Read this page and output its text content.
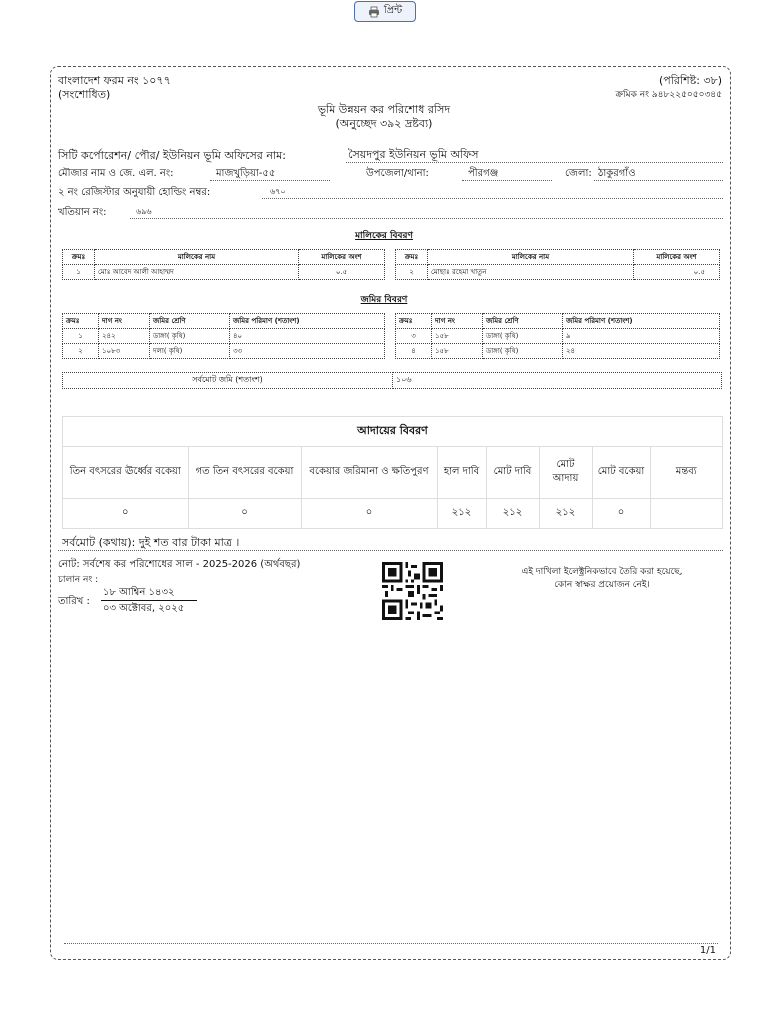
প্রিন্ট
বাংলাদেশ ফরম নং ১০৭৭
(সংশোধিত)
(পরিশিষ্ট: ৩৮)
ক্রমিক নং ৯৪৮২২৫০৫০৩৪৫
ভূমি উন্নয়ন কর পরিশোধ রসিদ
(অনুচ্ছেদ ৩৯২ দ্রষ্টব্য)
সিটি কর্পোরেশন/ পৌর/ ইউনিয়ন ভূমি অফিসের নাম:	সৈয়দপুর ইউনিয়ন ভূমি অফিস
মৌজার নাম ও জে. এল. নং:	মাজখুড়িয়া-৫৫	উপজেলা/থানা:	পীরগঞ্জ	জেলা: ঠাকুরগাঁও
২ নং রেজিস্টার অনুযায়ী হোল্ডিং নম্বর:	৬৭০
খতিয়ান নং:	৬৯৬
মালিকের বিবরণ
ক্রমঃ	মালিকের নাম	মালিকের অংশ
১	মোঃ আবেদ আলী আহাম্মদ	০.৫
ক্রমঃ	মালিকের নাম	মালিকের অংশ
২	মোছাঃ রহেমা খাতুন	০.৫
জমির বিবরণ
ক্রমঃ	দাগ নং	জমির শ্রেণি	জমির পরিমাণ (শতাংশ)
১	২৪২	ডাঙ্গা( কৃষি)	৪০
২	১০৮৩	দলা( কৃষি)	৩৩
ক্রমঃ	দাগ নং	জমির শ্রেণি	জমির পরিমাণ (শতাংশ)
৩	১৫৮	ডাঙ্গা( কৃষি)	৯
৪	১৫৮	ডাঙ্গা( কৃষি)	২৪
সর্বমোট জমি (শতাংশ)	১০৬
আদায়ের বিবরণ
তিন বৎসরের ঊর্ধ্বের বকেয়া	গত তিন বৎসরের বকেয়া	বকেয়ার জরিমানা ও ক্ষতিপুরণ	হাল দাবি	মোট দাবি	মোট আদায়	মোট বকেয়া	মন্তব্য
০	০	০	২১২	২১২	২১২	০	
সর্বমোট (কথায়): দুই শত বার টাকা মাত্র ।
নোট: সর্বশেষ কর পরিশোধের সাল - 2025-2026 (অর্থবছর)
চালান নং :
তারিখ :
১৮ আশ্বিন ১৪৩২
০৩ অক্টোবর, ২০২৫
এই দাখিলা ইলেক্ট্রনিকভাবে তৈরি করা হয়েছে,
কোন স্বাক্ষর প্রয়োজন নেই।
1/1
